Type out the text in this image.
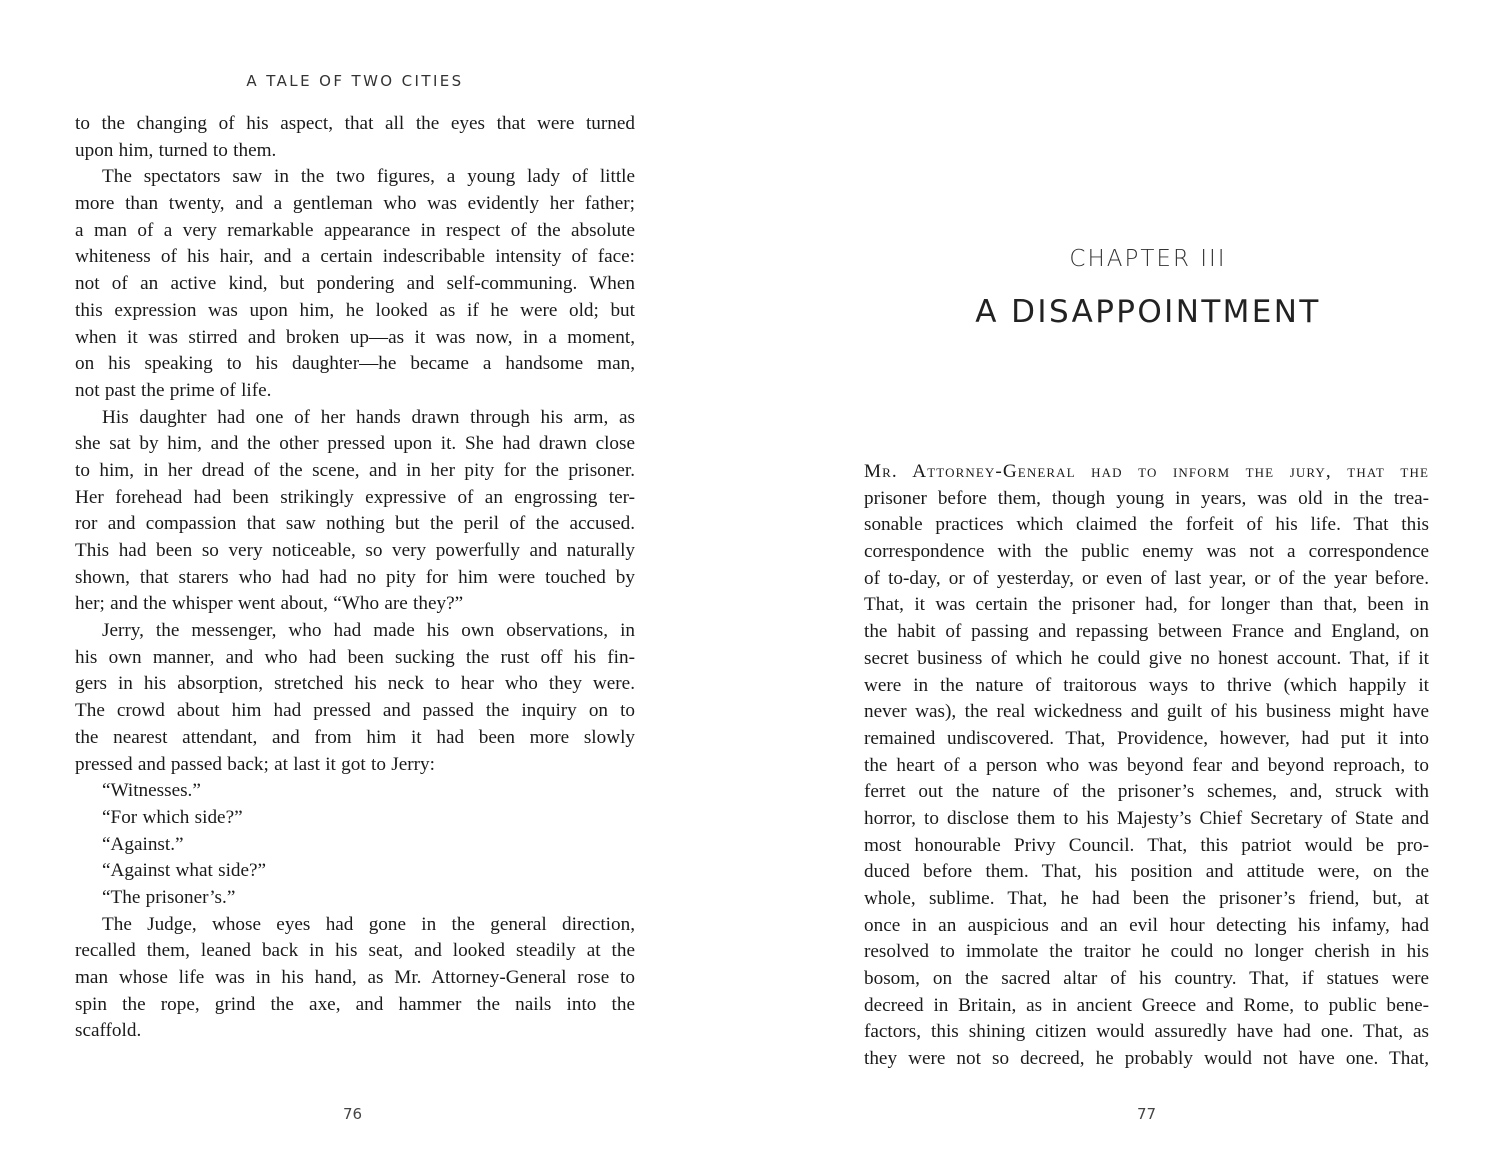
A TALE OF TWO CITIES
to the changing of his aspect, that all the eyes that were turned
upon him, turned to them.
The spectators saw in the two figures, a young lady of little
more than twenty, and a gentleman who was evidently her father;
a man of a very remarkable appearance in respect of the absolute
whiteness of his hair, and a certain indescribable intensity of face:
not of an active kind, but pondering and self-communing. When
this expression was upon him, he looked as if he were old; but
when it was stirred and broken up—as it was now, in a moment,
on his speaking to his daughter—he became a handsome man,
not past the prime of life.
His daughter had one of her hands drawn through his arm, as
she sat by him, and the other pressed upon it. She had drawn close
to him, in her dread of the scene, and in her pity for the prisoner.
Her forehead had been strikingly expressive of an engrossing ter-
ror and compassion that saw nothing but the peril of the accused.
This had been so very noticeable, so very powerfully and naturally
shown, that starers who had had no pity for him were touched by
her; and the whisper went about, “Who are they?”
Jerry, the messenger, who had made his own observations, in
his own manner, and who had been sucking the rust off his fin-
gers in his absorption, stretched his neck to hear who they were.
The crowd about him had pressed and passed the inquiry on to
the nearest attendant, and from him it had been more slowly
pressed and passed back; at last it got to Jerry:
“Witnesses.”
“For which side?”
“Against.”
“Against what side?”
“The prisoner’s.”
The Judge, whose eyes had gone in the general direction,
recalled them, leaned back in his seat, and looked steadily at the
man whose life was in his hand, as Mr. Attorney-General rose to
spin the rope, grind the axe, and hammer the nails into the
scaffold.
76
CHAPTER III
A DISAPPOINTMENT
Mr. Attorney-General had to inform the jury, that the
prisoner before them, though young in years, was old in the trea-
sonable practices which claimed the forfeit of his life. That this
correspondence with the public enemy was not a correspondence
of to-day, or of yesterday, or even of last year, or of the year before.
That, it was certain the prisoner had, for longer than that, been in
the habit of passing and repassing between France and England, on
secret business of which he could give no honest account. That, if it
were in the nature of traitorous ways to thrive (which happily it
never was), the real wickedness and guilt of his business might have
remained undiscovered. That, Providence, however, had put it into
the heart of a person who was beyond fear and beyond reproach, to
ferret out the nature of the prisoner’s schemes, and, struck with
horror, to disclose them to his Majesty’s Chief Secretary of State and
most honourable Privy Council. That, this patriot would be pro-
duced before them. That, his position and attitude were, on the
whole, sublime. That, he had been the prisoner’s friend, but, at
once in an auspicious and an evil hour detecting his infamy, had
resolved to immolate the traitor he could no longer cherish in his
bosom, on the sacred altar of his country. That, if statues were
decreed in Britain, as in ancient Greece and Rome, to public bene-
factors, this shining citizen would assuredly have had one. That, as
they were not so decreed, he probably would not have one. That,
77
